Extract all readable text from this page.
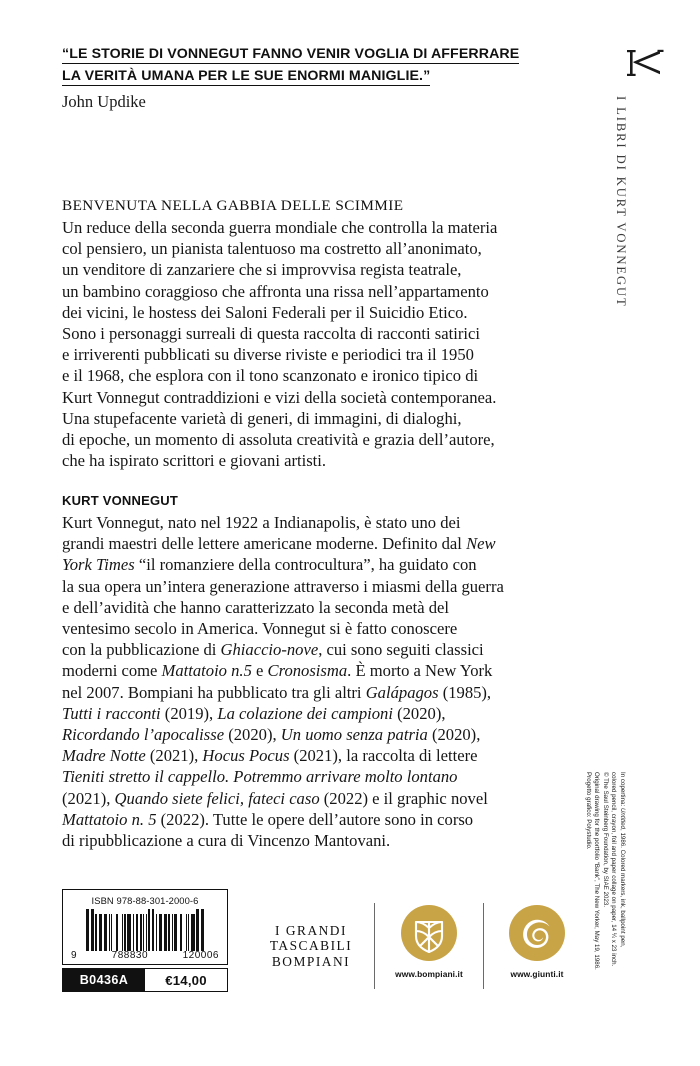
“LE STORIE DI VONNEGUT FANNO VENIR VOGLIA DI AFFERRARE
LA VERITÀ UMANA PER LE SUE ENORMI MANIGLIE.”
John Updike
BENVENUTA NELLA GABBIA DELLE SCIMMIE
Un reduce della seconda guerra mondiale che controlla la materia
col pensiero, un pianista talentuoso ma costretto all’anonimato,
un venditore di zanzariere che si improvvisa regista teatrale,
un bambino coraggioso che affronta una rissa nell’appartamento
dei vicini, le hostess dei Saloni Federali per il Suicidio Etico.
Sono i personaggi surreali di questa raccolta di racconti satirici
e irriverenti pubblicati su diverse riviste e periodici tra il 1950
e il 1968, che esplora con il tono scanzonato e ironico tipico di
Kurt Vonnegut contraddizioni e vizi della società contemporanea.
Una stupefacente varietà di generi, di immagini, di dialoghi,
di epoche, un momento di assoluta creatività e grazia dell’autore,
che ha ispirato scrittori e giovani artisti.
KURT VONNEGUT
Kurt Vonnegut, nato nel 1922 a Indianapolis, è stato uno dei
grandi maestri delle lettere americane moderne. Definito dal New
York Times “il romanziere della controcultura”, ha guidato con
la sua opera un’intera generazione attraverso i miasmi della guerra
e dell’avidità che hanno caratterizzato la seconda metà del
ventesimo secolo in America. Vonnegut si è fatto conoscere
con la pubblicazione di Ghiaccio-nove, cui sono seguiti classici
moderni come Mattatoio n.5 e Cronosisma. È morto a New York
nel 2007. Bompiani ha pubblicato tra gli altri Galápagos (1985),
Tutti i racconti (2019), La colazione dei campioni (2020),
Ricordando l’apocalisse (2020), Un uomo senza patria (2020),
Madre Notte (2021), Hocus Pocus (2021), la raccolta di lettere
Tieniti stretto il cappello. Potremmo arrivare molto lontano
(2021), Quando siete felici, fateci caso (2022) e il graphic novel
Mattatoio n. 5 (2022). Tutte le opere dell’autore sono in corso
di ripubblicazione a cura di Vincenzo Mantovani.
I LIBRI DI KURT VONNEGUT
In copertina: Untitled, 1986. Colored markers, ink, ballpoint pen,
colored pencil, crayon, foil and paper collage on paper, 14 ¼ x 23 inch.
© The Saul Steinberg Foundation, by SIAE 2023.
Original drawing for the portfolio “Bank”, The New Yorker, May 19, 1986.
Progetto grafico: Polystudio.
ISBN 978-88-301-2000-6
9	788830	120006
B0436A	€14,00
I GRANDI
TASCABILI
BOMPIANI
www.bompiani.it	www.giunti.it
